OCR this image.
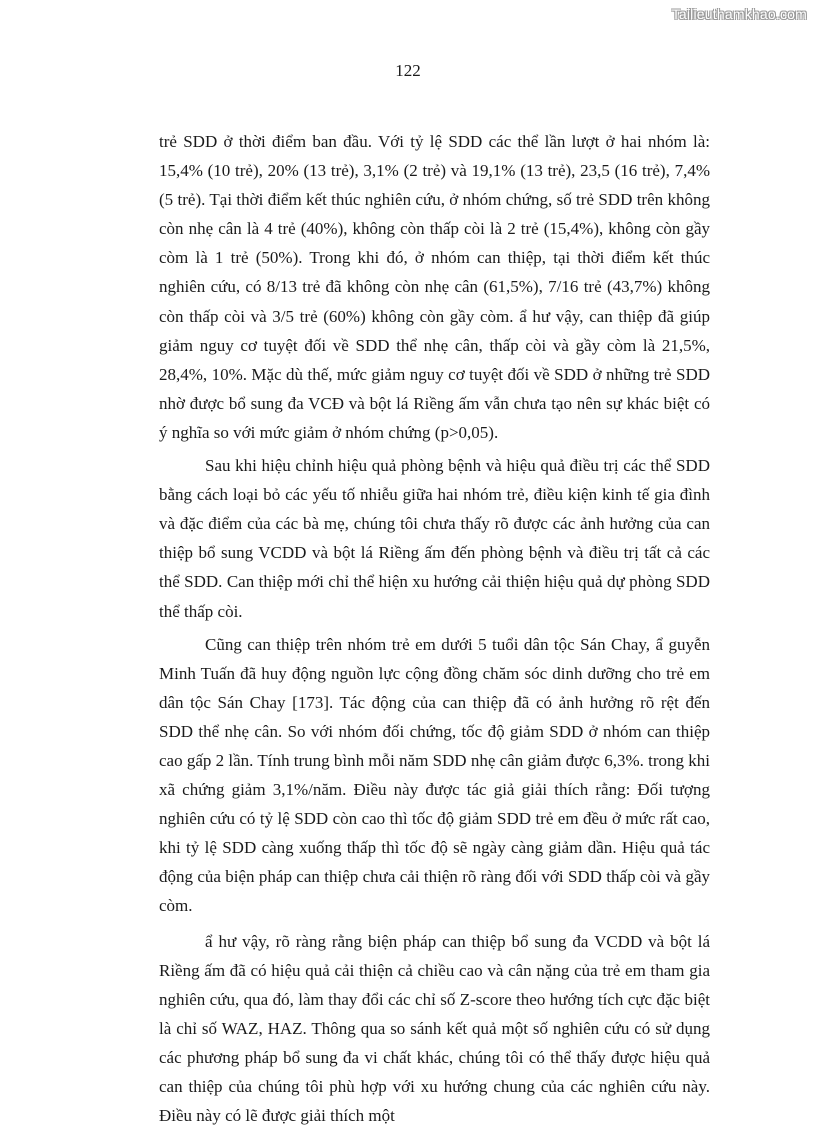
Tailieuthamkhao.com
122

trẻ SDD ở thời điểm ban đầu. Với tỷ lệ SDD các thể lần lượt ở hai nhóm là: 15,4% (10 trẻ), 20% (13 trẻ), 3,1% (2 trẻ) và 19,1% (13 trẻ), 23,5 (16 trẻ), 7,4% (5 trẻ). Tại thời điểm kết thúc nghiên cứu, ở nhóm chứng, số trẻ SDD trên không còn nhẹ cân là 4 trẻ (40%), không còn thấp còi là 2 trẻ (15,4%), không còn gầy còm là 1 trẻ (50%). Trong khi đó, ở nhóm can thiệp, tại thời điểm kết thúc nghiên cứu, có 8/13 trẻ đã không còn nhẹ cân (61,5%), 7/16 trẻ (43,7%) không còn thấp còi và 3/5 trẻ (60%) không còn gầy còm. ẩ hư vậy, can thiệp đã giúp giảm nguy cơ tuyệt đối về SDD thể nhẹ cân, thấp còi và gầy còm là 21,5%, 28,4%, 10%. Mặc dù thế, mức giảm nguy cơ tuyệt đối về SDD ở những trẻ SDD nhờ được bổ sung đa VCĐ và bột lá Riềng ấm vẫn chưa tạo nên sự khác biệt có ý nghĩa so với mức giảm ở nhóm chứng (p>0,05).

Sau khi hiệu chỉnh hiệu quả phòng bệnh và hiệu quả điều trị các thể SDD bằng cách loại bỏ các yếu tố nhiễu giữa hai nhóm trẻ, điều kiện kinh tế gia đình và đặc điểm của các bà mẹ, chúng tôi chưa thấy rõ được các ảnh hưởng của can thiệp bổ sung VCDD và bột lá Riềng ấm đến phòng bệnh và điều trị tất cả các thể SDD. Can thiệp mới chỉ thể hiện xu hướng cải thiện hiệu quả dự phòng SDD thể thấp còi.

Cũng can thiệp trên nhóm trẻ em dưới 5 tuổi dân tộc Sán Chay, ẩ guyễn Minh Tuấn đã huy động nguồn lực cộng đồng chăm sóc dinh dưỡng cho trẻ em dân tộc Sán Chay [173]. Tác động của can thiệp đã có ảnh hưởng rõ rệt đến SDD thể nhẹ cân. So với nhóm đối chứng, tốc độ giảm SDD ở nhóm can thiệp cao gấp 2 lần. Tính trung bình mỗi năm SDD nhẹ cân giảm được 6,3%. trong khi xã chứng giảm 3,1%/năm. Điều này được tác giả giải thích rằng: Đối tượng nghiên cứu có tỷ lệ SDD còn cao thì tốc độ giảm SDD trẻ em đều ở mức rất cao, khi tỷ lệ SDD càng xuống thấp thì tốc độ sẽ ngày càng giảm dần. Hiệu quả tác động của biện pháp can thiệp chưa cải thiện rõ ràng đối với SDD thấp còi và gầy còm.

ẩ hư vậy, rõ ràng rằng biện pháp can thiệp bổ sung đa VCDD và bột lá Riềng ấm đã có hiệu quả cải thiện cả chiều cao và cân nặng của trẻ em tham gia nghiên cứu, qua đó, làm thay đổi các chỉ số Z-score theo hướng tích cực đặc biệt là chỉ số WAZ, HAZ. Thông qua so sánh kết quả một số nghiên cứu có sử dụng các phương pháp bổ sung đa vi chất khác, chúng tôi có thể thấy được hiệu quả can thiệp của chúng tôi phù hợp với xu hướng chung của các nghiên cứu này. Điều này có lẽ được giải thích một
